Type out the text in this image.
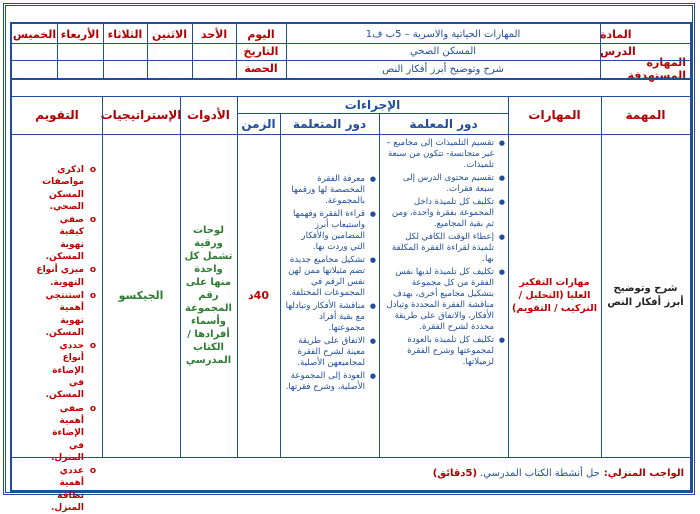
المادة
الدرس
المهارة المستهدفة
المهارات الحياتية والاسرية – 5ب ف1
المسكن الصحي
شرح وتوضيح أبرز أفكار النص
اليوم
التاريخ
الحصة
الأحد
الاثنين
الثلاثاء
الأربعاء
الخميس
المهمة
المهارات
الإجراءات
دور المعلمة
دور المتعلمة
الزمن
الأدوات
الإستراتيجيات
التقويم
شرح وتوضيح أبرز أفكار النص
مهارات التفكير العليا (التحليل / التركيب / التقويم)
● تقسيم التلميذات إلى مجاميع – غير متجانسة- تتكون من سبعة تلميذات.
● تقسيم محتوى الدرس إلى سبعة فقرات.
● تكليف كل تلميذة داخل المجموعة بفقرة واحدة، ومن ثم بقية المجاميع.
● إعطاء الوقت الكافي لكل تلميذة لقراءة الفقرة المكلفة بها.
● تكليف كل تلميذة لديها نفس الفقرة من كل مجموعة بتشكيل مجاميع أخرى، بهدف مناقشة الفقرة المحددة وتبادل الأفكار، والاتفاق على طريقة محددة لشرح الفقرة.
● تكليف كل تلميذة بالعودة لمجموعتها وشرح الفقرة لزميلاتها.
● معرفة الفقرة المخصصة لها ورقمها بالمجموعة.
● قراءة الفقرة وفهمها واستيعاب أبرز المضامين والأفكار التي وردت بها.
● تشكيل مجاميع جديدة تضم مثيلاتها ممن لهن نفس الرقم في المجموعات المختلفة.
● مناقشة الأفكار وتبادلها مع بقية أفراد مجموعتها.
● الاتفاق على طريقة معينة لشرح الفقرة لمجاميعهن الأصلية.
● العودة إلى المجموعة الأصلية، وشرح فقرتها.
40د
لوحات ورقية تشمل كل واحدة منها على رقم المجموعة وأسماء أفرادها / الكتاب المدرسي
الجيكسو
o اذكري مواصفات المسكن الصحي.
o صفي كيفية تهوية المسكن.
o ميزي أنواع التهوية.
o استنتجي أهمية تهوية المسكن.
o حددي أنواع الإضاءة في المسكن.
o صفي أهمية الإضاءة في المنزل.
o عددي أهمية نظافة المنزل.
الواجب المنزلي:
حل أنشطة الكتاب المدرسي.
(5دقائق)
